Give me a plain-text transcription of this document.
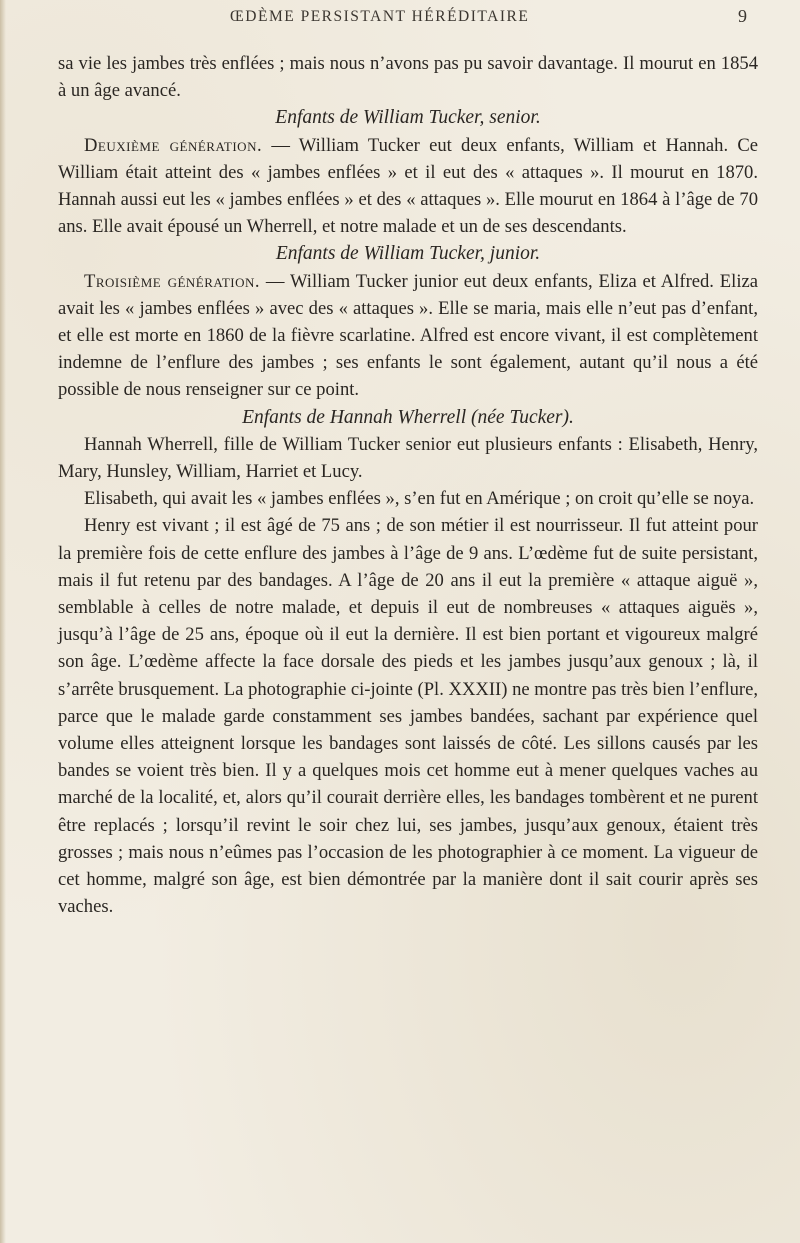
ŒDÈME PERSISTANT HÉRÉDITAIRE	9

sa vie les jambes très enflées ; mais nous n’avons pas pu savoir davantage. Il mourut en 1854 à un âge avancé.

Enfants de William Tucker, senior.

Deuxième génération. — William Tucker eut deux enfants, William et Hannah. Ce William était atteint des « jambes enflées » et il eut des « attaques ». Il mourut en 1870. Hannah aussi eut les « jambes enflées » et des « attaques ». Elle mourut en 1864 à l’âge de 70 ans. Elle avait épousé un Wherrell, et notre malade et un de ses descendants.

Enfants de William Tucker, junior.

Troisième génération. — William Tucker junior eut deux enfants, Eliza et Alfred. Eliza avait les « jambes enflées » avec des « attaques ». Elle se maria, mais elle n’eut pas d’enfant, et elle est morte en 1860 de la fièvre scarlatine. Alfred est encore vivant, il est complètement indemne de l’enflure des jambes ; ses enfants le sont également, autant qu’il nous a été possible de nous renseigner sur ce point.

Enfants de Hannah Wherrell (née Tucker).

Hannah Wherrell, fille de William Tucker senior eut plusieurs enfants : Elisabeth, Henry, Mary, Hunsley, William, Harriet et Lucy.

Elisabeth, qui avait les « jambes enflées », s’en fut en Amérique ; on croit qu’elle se noya.

Henry est vivant ; il est âgé de 75 ans ; de son métier il est nourrisseur. Il fut atteint pour la première fois de cette enflure des jambes à l’âge de 9 ans. L’œdème fut de suite persistant, mais il fut retenu par des bandages. A l’âge de 20 ans il eut la première « attaque aiguë », semblable à celles de notre malade, et depuis il eut de nombreuses « attaques aiguës », jusqu’à l’âge de 25 ans, époque où il eut la dernière. Il est bien portant et vigoureux malgré son âge. L’œdème affecte la face dorsale des pieds et les jambes jusqu’aux genoux ; là, il s’arrête brusquement. La photographie ci-jointe (Pl. XXXII) ne montre pas très bien l’enflure, parce que le malade garde constamment ses jambes bandées, sachant par expérience quel volume elles atteignent lorsque les bandages sont laissés de côté. Les sillons causés par les bandes se voient très bien. Il y a quelques mois cet homme eut à mener quelques vaches au marché de la localité, et, alors qu’il courait derrière elles, les bandages tombèrent et ne purent être replacés ; lorsqu’il revint le soir chez lui, ses jambes, jusqu’aux genoux, étaient très grosses ; mais nous n’eûmes pas l’occasion de les photographier à ce moment. La vigueur de cet homme, malgré son âge, est bien démontrée par la manière dont il sait courir après ses vaches.
